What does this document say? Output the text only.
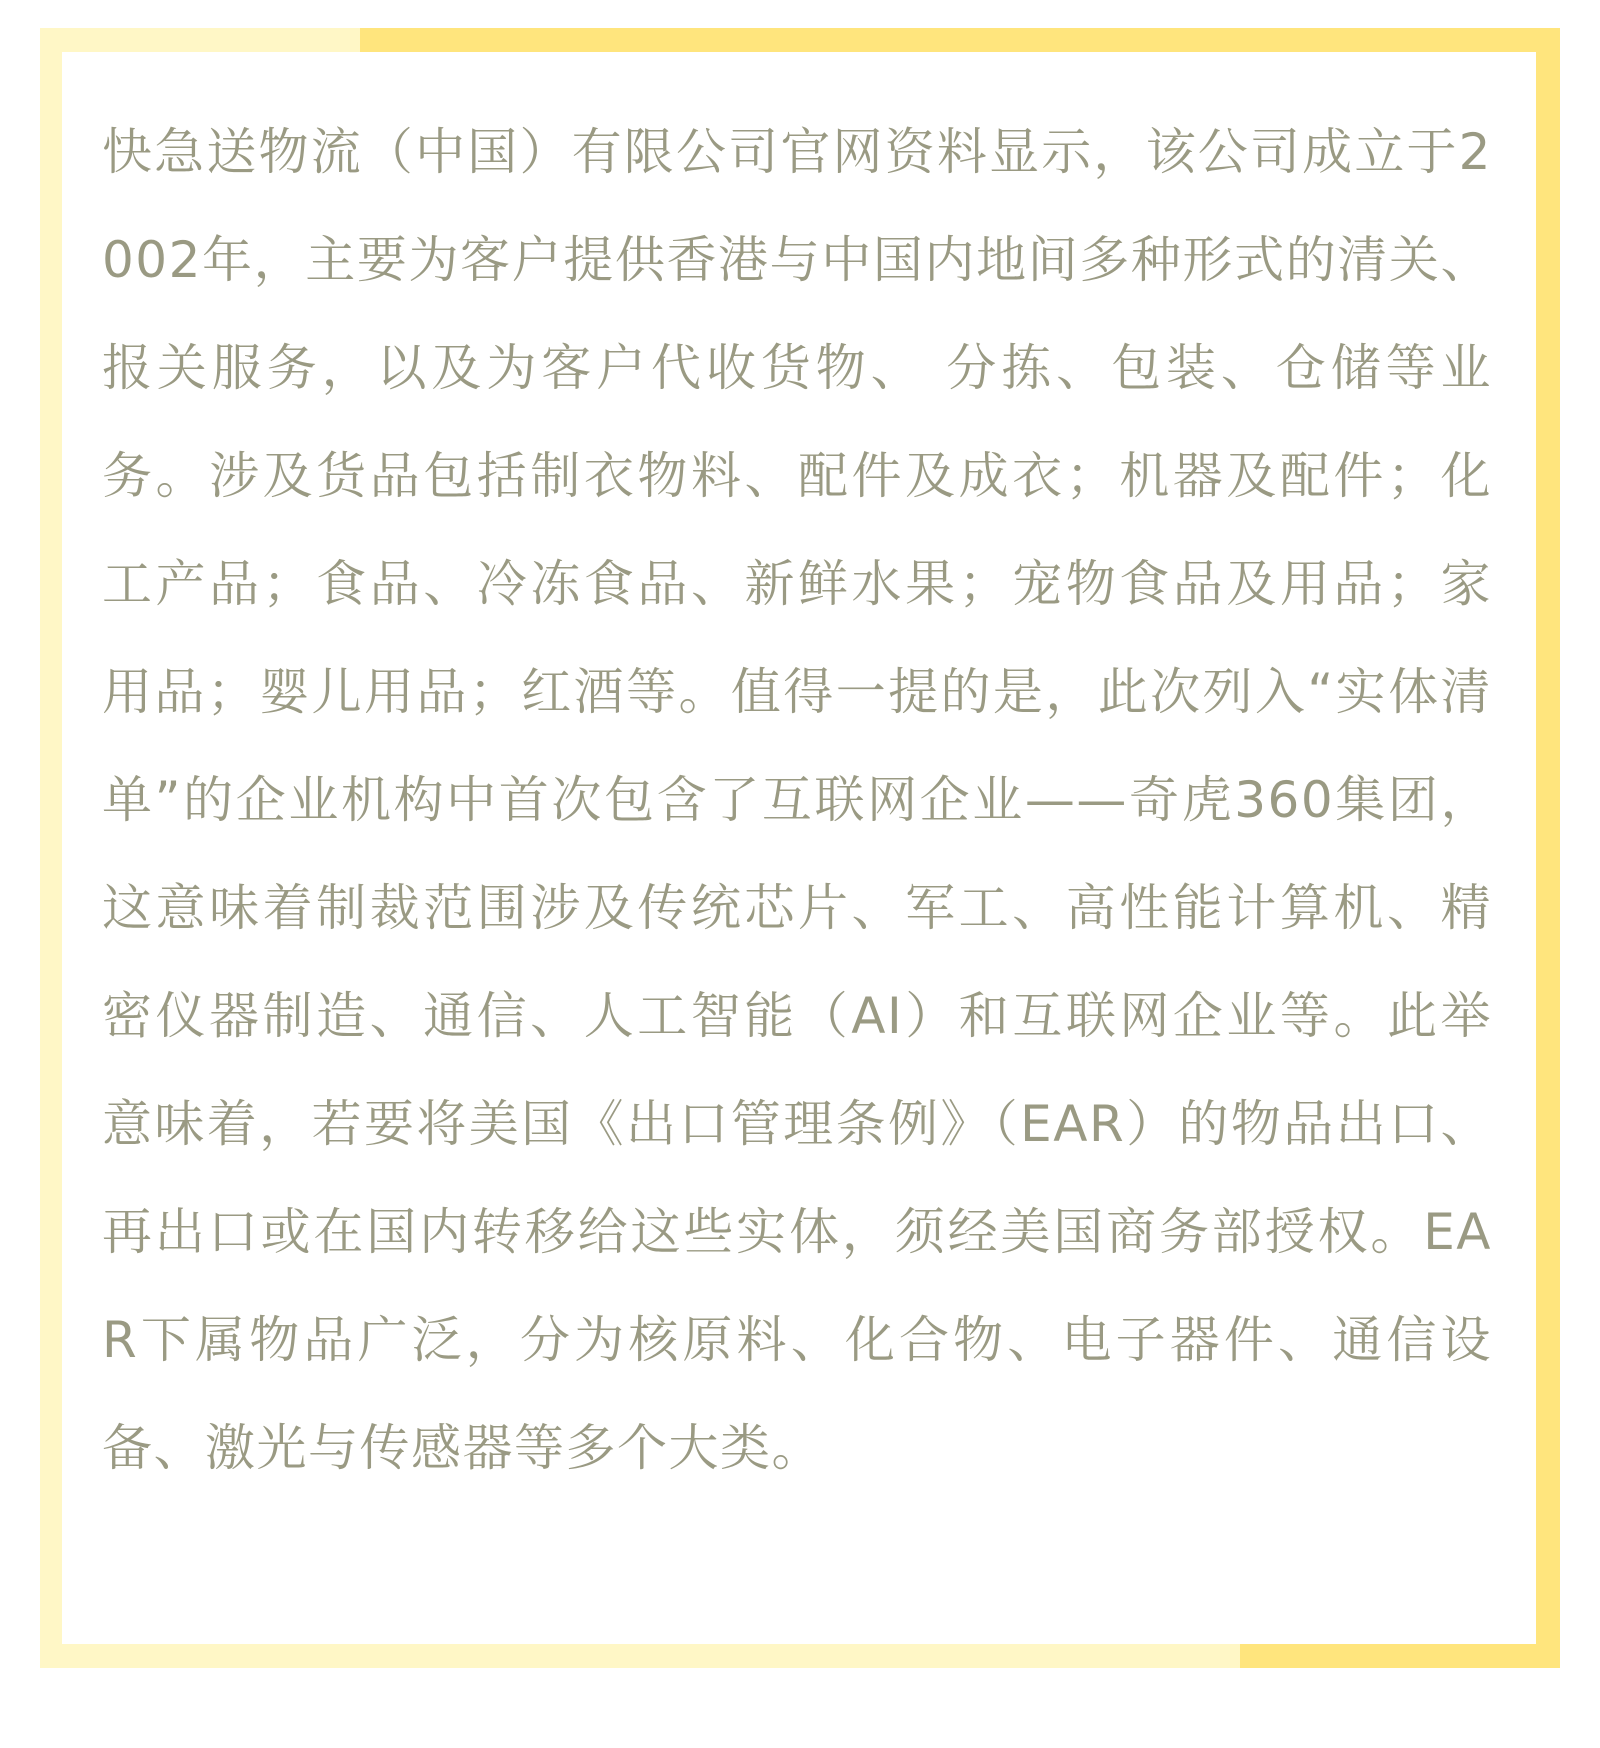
快急送物流（中国）有限公司官网资料显示，该公司成立于2002年，主要为客户提供香港与中国内地间多种形式的清关、报关服务，以及为客户代收货物、 分拣、包装、仓储等业务。涉及货品包括制衣物料、配件及成衣；机器及配件；化工产品；食品、冷冻食品、新鲜水果；宠物食品及用品；家用品；婴儿用品；红酒等。值得一提的是，此次列入“实体清单”的企业机构中首次包含了互联网企业——奇虎360集团，这意味着制裁范围涉及传统芯片、军工、高性能计算机、精密仪器制造、通信、人工智能（AI）和互联网企业等。此举意味着，若要将美国《出口管理条例》（EAR）的物品出口、再出口或在国内转移给这些实体，须经美国商务部授权。EAR下属物品广泛，分为核原料、化合物、电子器件、通信设备、激光与传感器等多个大类。
